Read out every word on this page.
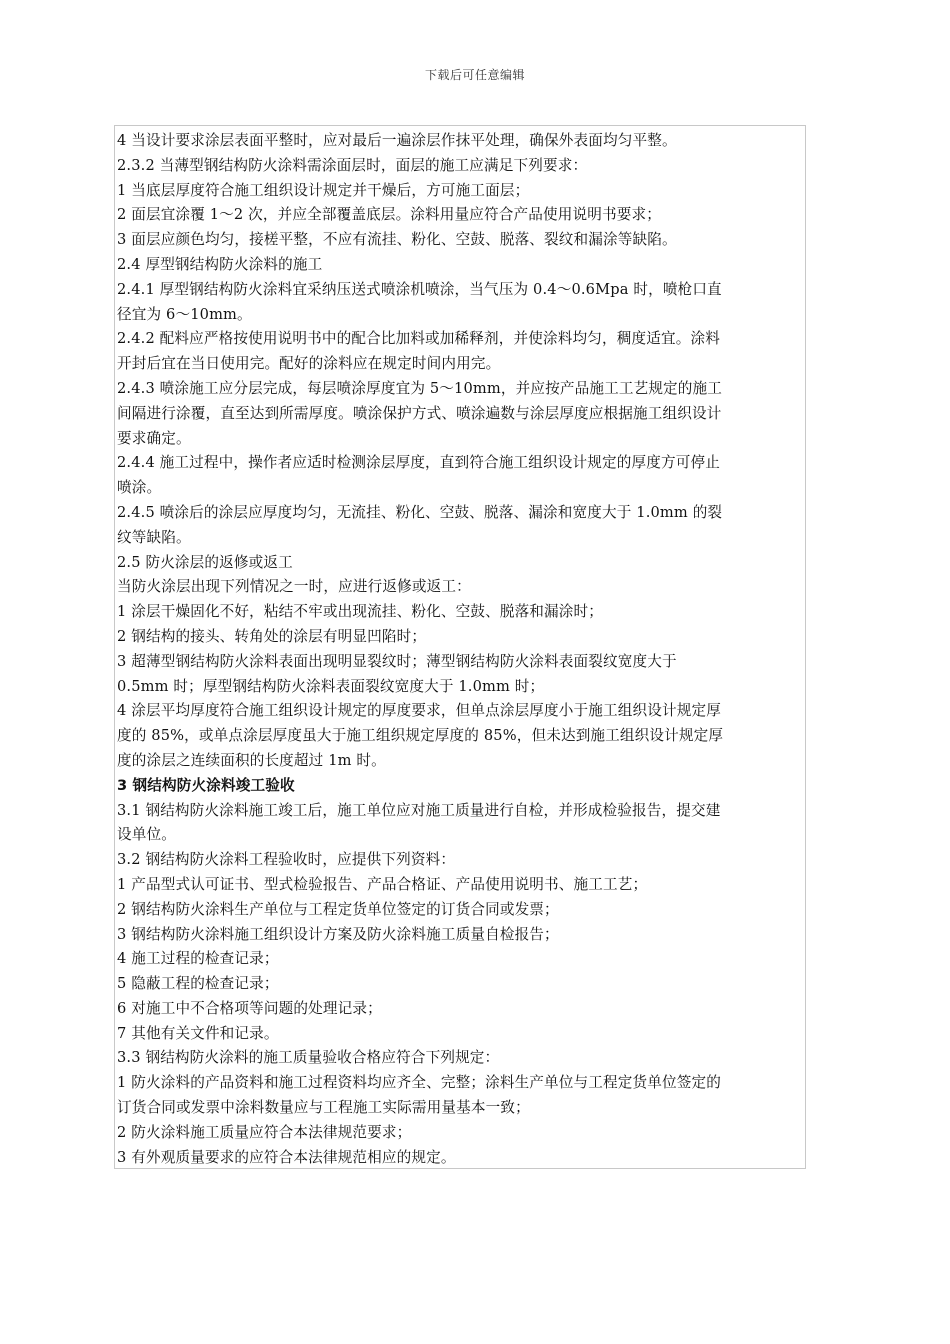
下载后可任意编辑
4 当设计要求涂层表面平整时，应对最后一遍涂层作抹平处理，确保外表面均匀平整。
2.3.2 当薄型钢结构防火涂料需涂面层时，面层的施工应满足下列要求：
1 当底层厚度符合施工组织设计规定并干燥后，方可施工面层；
2 面层宜涂覆 1～2 次，并应全部覆盖底层。涂料用量应符合产品使用说明书要求；
3 面层应颜色均匀，接槎平整，不应有流挂、粉化、空鼓、脱落、裂纹和漏涂等缺陷。
2.4 厚型钢结构防火涂料的施工
2.4.1 厚型钢结构防火涂料宜采纳压送式喷涂机喷涂，当气压为 0.4～0.6Mpa 时，喷枪口直
径宜为 6～10mm。
2.4.2 配料应严格按使用说明书中的配合比加料或加稀释剂，并使涂料均匀，稠度适宜。涂料
开封后宜在当日使用完。配好的涂料应在规定时间内用完。
2.4.3 喷涂施工应分层完成，每层喷涂厚度宜为 5～10mm，并应按产品施工工艺规定的施工
间隔进行涂覆，直至达到所需厚度。喷涂保护方式、喷涂遍数与涂层厚度应根据施工组织设计
要求确定。
2.4.4 施工过程中，操作者应适时检测涂层厚度，直到符合施工组织设计规定的厚度方可停止
喷涂。
2.4.5 喷涂后的涂层应厚度均匀，无流挂、粉化、空鼓、脱落、漏涂和宽度大于 1.0mm 的裂
纹等缺陷。
2.5 防火涂层的返修或返工
当防火涂层出现下列情况之一时，应进行返修或返工：
1 涂层干燥固化不好，粘结不牢或出现流挂、粉化、空鼓、脱落和漏涂时；
2 钢结构的接头、转角处的涂层有明显凹陷时；
3 超薄型钢结构防火涂料表面出现明显裂纹时；薄型钢结构防火涂料表面裂纹宽度大于
0.5mm 时；厚型钢结构防火涂料表面裂纹宽度大于 1.0mm 时；
4 涂层平均厚度符合施工组织设计规定的厚度要求，但单点涂层厚度小于施工组织设计规定厚
度的 85%，或单点涂层厚度虽大于施工组织规定厚度的 85%，但未达到施工组织设计规定厚
度的涂层之连续面积的长度超过 1m 时。
3 钢结构防火涂料竣工验收
3.1 钢结构防火涂料施工竣工后，施工单位应对施工质量进行自检，并形成检验报告，提交建
设单位。
3.2 钢结构防火涂料工程验收时，应提供下列资料：
1 产品型式认可证书、型式检验报告、产品合格证、产品使用说明书、施工工艺；
2 钢结构防火涂料生产单位与工程定货单位签定的订货合同或发票；
3 钢结构防火涂料施工组织设计方案及防火涂料施工质量自检报告；
4 施工过程的检查记录；
5 隐蔽工程的检查记录；
6 对施工中不合格项等问题的处理记录；
7 其他有关文件和记录。
3.3 钢结构防火涂料的施工质量验收合格应符合下列规定：
1 防火涂料的产品资料和施工过程资料均应齐全、完整；涂料生产单位与工程定货单位签定的
订货合同或发票中涂料数量应与工程施工实际需用量基本一致；
2 防火涂料施工质量应符合本法律规范要求；
3 有外观质量要求的应符合本法律规范相应的规定。
